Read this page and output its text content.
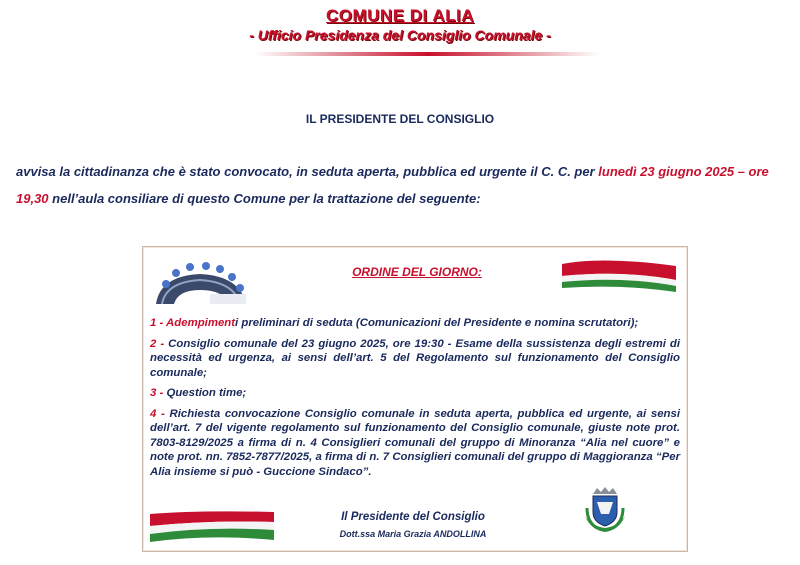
COMUNE DI ALIA
- Ufficio Presidenza del Consiglio Comunale -
IL PRESIDENTE DEL CONSIGLIO
avvisa la cittadinanza che è stato convocato, in seduta aperta, pubblica ed urgente il C. C. per lunedì 23 giugno 2025 – ore 19,30 nell’aula consiliare di questo Comune per la trattazione del seguente:
ORDINE DEL GIORNO:
1 - Adempimenti preliminari di seduta (Comunicazioni del Presidente e nomina scrutatori);
2 - Consiglio comunale del 23 giugno 2025, ore 19:30 - Esame della sussistenza degli estremi di necessità ed urgenza, ai sensi dell’art. 5 del Regolamento sul funzionamento del Consiglio comunale;
3 - Question time;
4 - Richiesta convocazione Consiglio comunale in seduta aperta, pubblica ed urgente, ai sensi dell’art. 7 del vigente regolamento sul funzionamento del Consiglio comunale, giuste note prot. 7803-8129/2025 a firma di n. 4 Consiglieri comunali del gruppo di Minoranza “Alia nel cuore” e note prot. nn. 7852-7877/2025, a firma di n. 7 Consiglieri comunali del gruppo di Maggioranza “Per Alia insieme si può - Guccione Sindaco”.
Il Presidente del Consiglio
Dott.ssa Maria Grazia ANDOLLINA
